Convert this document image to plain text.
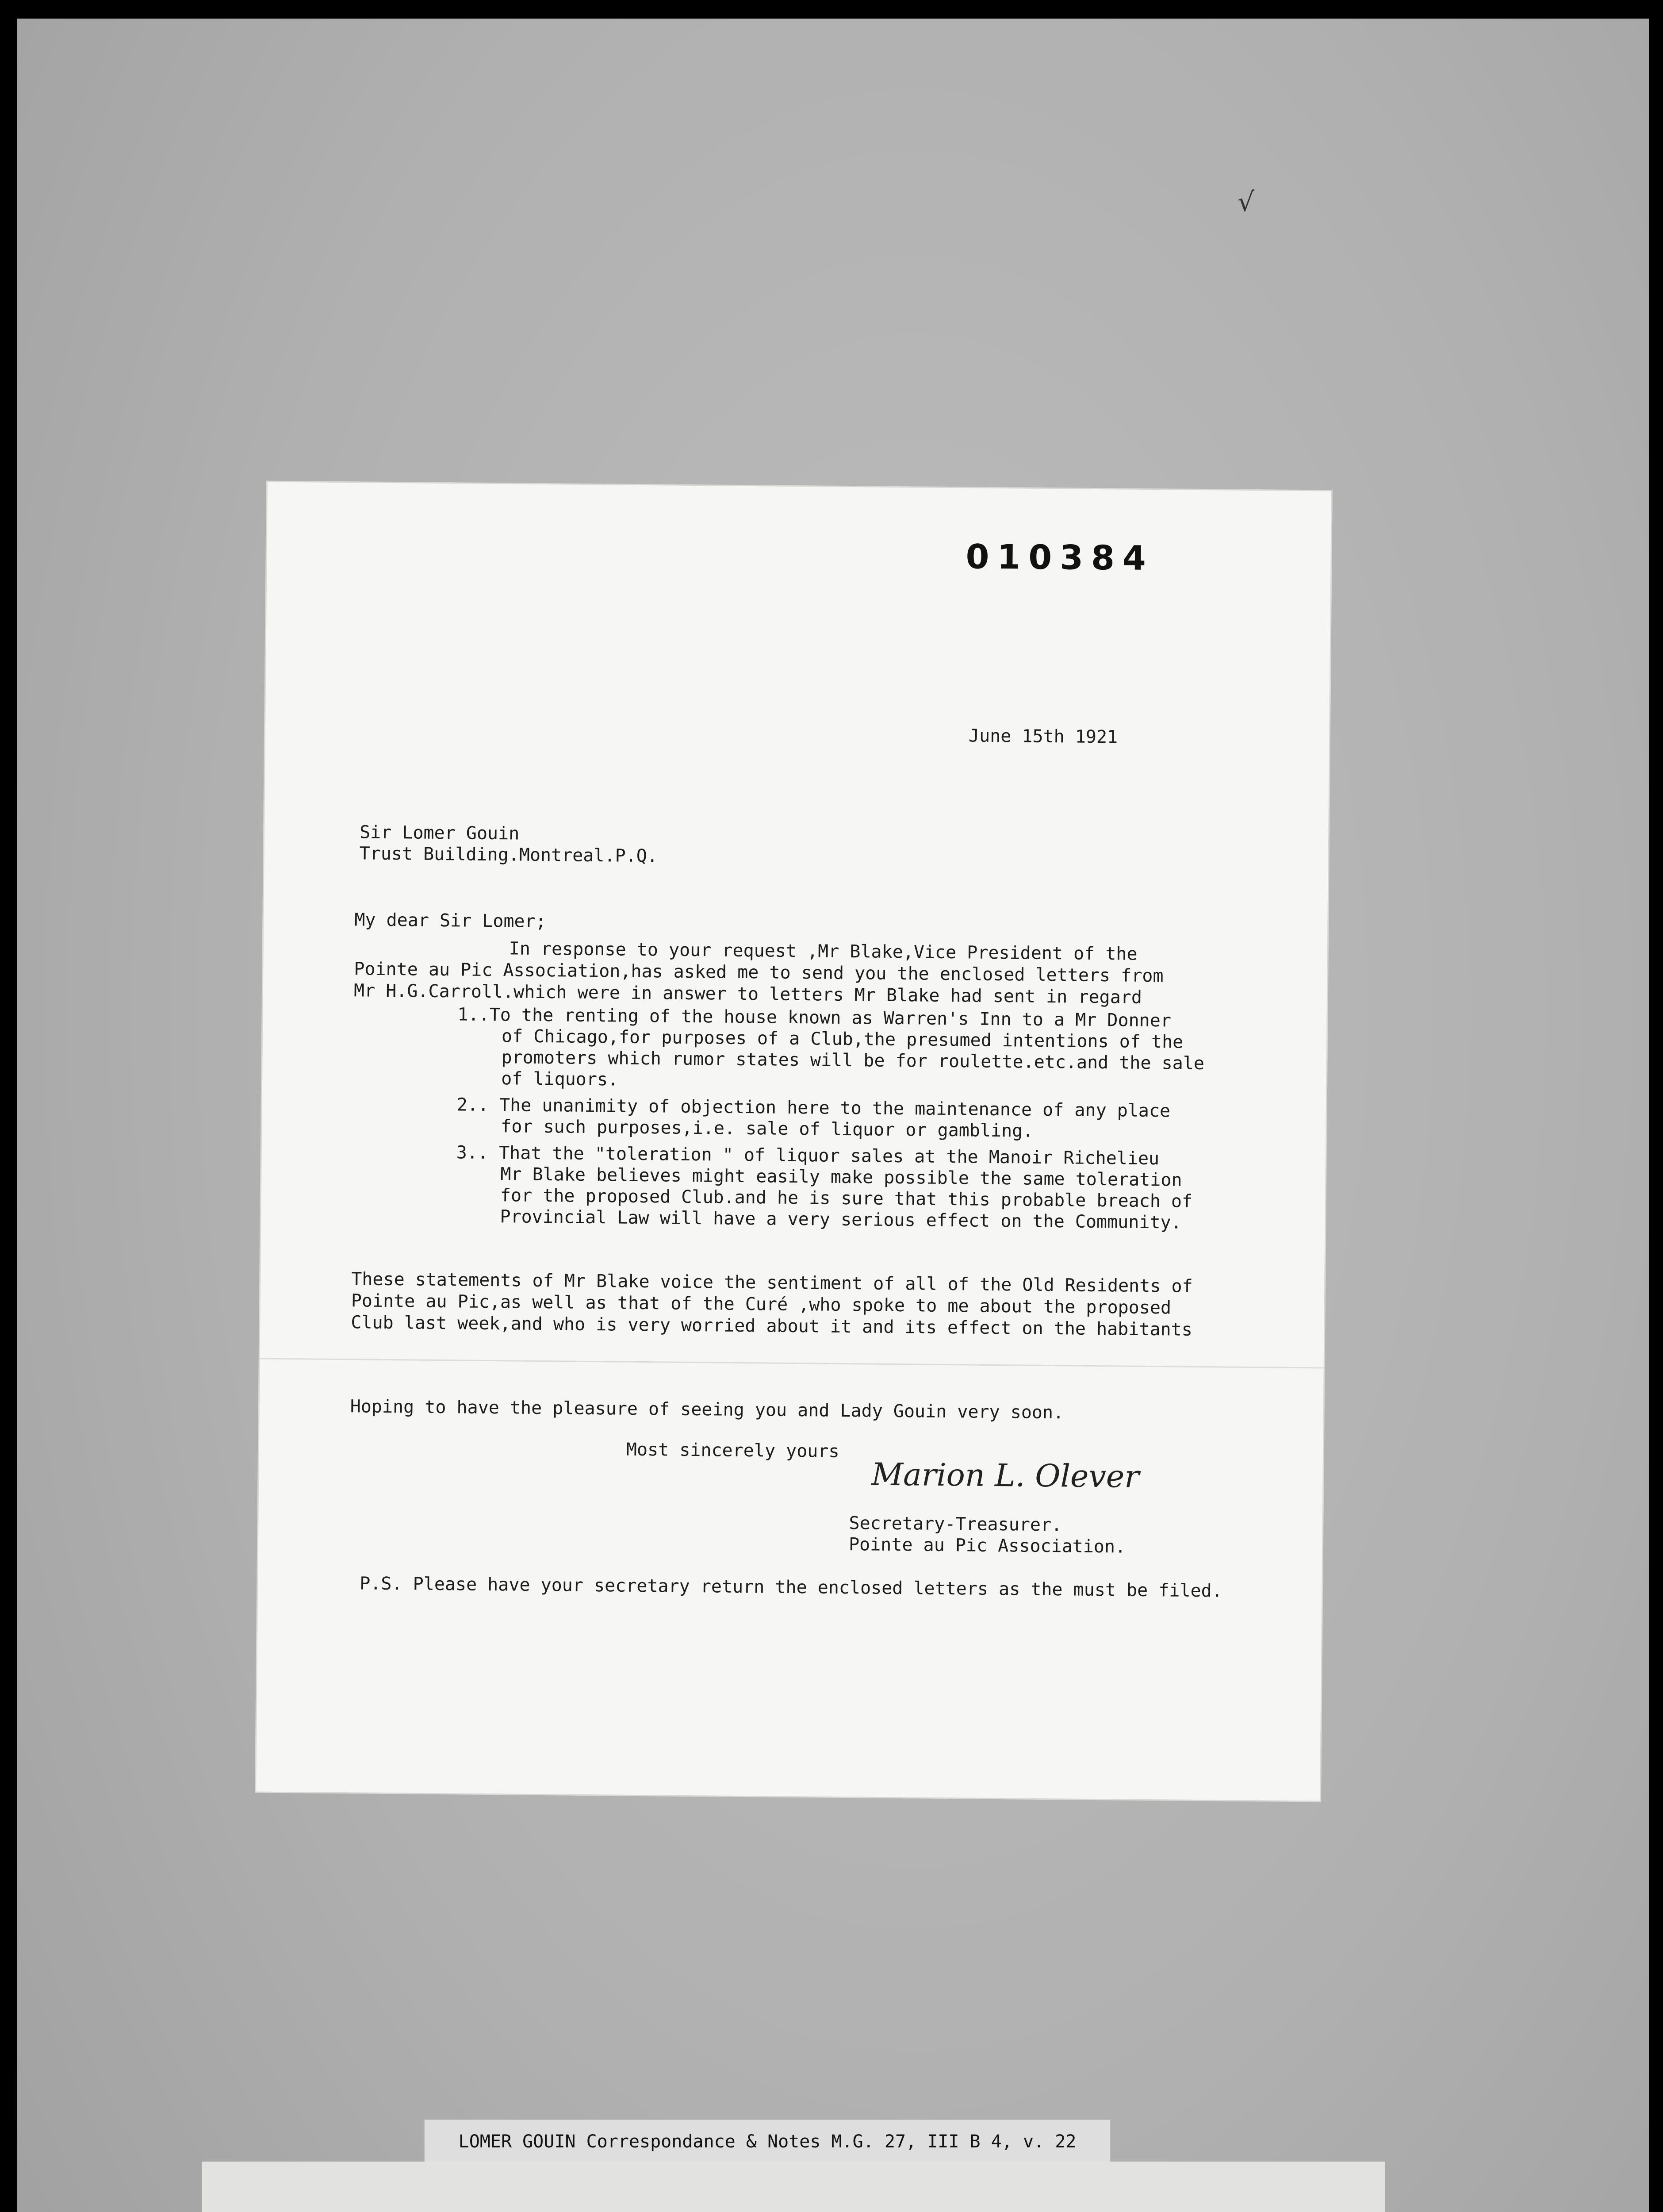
√
010384
June 15th 1921
Sir Lomer Gouin
Trust Building.Montreal.P.Q.
My dear Sir Lomer;
In response to your request ,Mr Blake,Vice President of the
Pointe au Pic Association,has asked me to send you the enclosed letters from
Mr H.G.Carroll.which were in answer to letters Mr Blake had sent in regard
1..To the renting of the house known as Warren's Inn to a Mr Donner
of Chicago,for purposes of a Club,the presumed intentions of the
promoters which rumor states will be for roulette.etc.and the sale
of liquors.
2.. The unanimity of objection here to the maintenance of any place
for such purposes,i.e. sale of liquor or gambling.
3.. That the "toleration " of liquor sales at the Manoir Richelieu
Mr Blake believes might easily make possible the same toleration
for the proposed Club.and he is sure that this probable breach of
Provincial Law will have a very serious effect on the Community.
These statements of Mr Blake voice the sentiment of all of the Old Residents of
Pointe au Pic,as well as that of the Curé ,who spoke to me about the proposed
Club last week,and who is very worried about it and its effect on the habitants
Hoping to have the pleasure of seeing you and Lady Gouin very soon.
Most sincerely yours
Marion L. Olever
Secretary-Treasurer.
Pointe au Pic Association.
P.S. Please have your secretary return the enclosed letters as the must be filed.
LOMER GOUIN Correspondance & Notes M.G. 27, III B 4, v. 22
